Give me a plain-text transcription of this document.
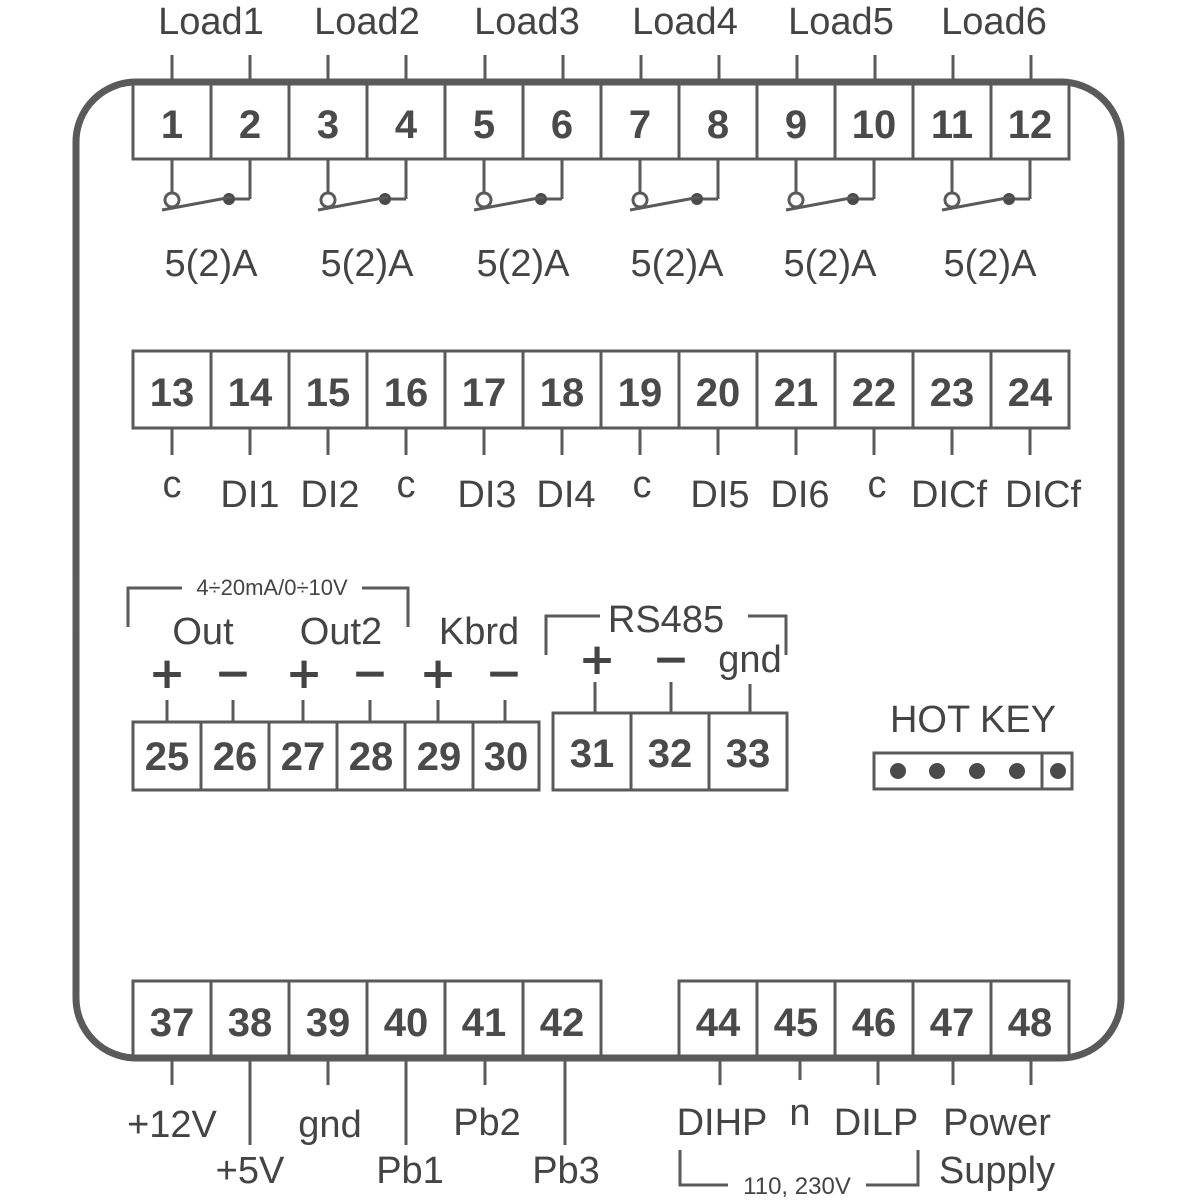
Load1 Load2 Load3 Load4 Load5 Load6
1 2 3 4 5 6 7 8 9 10 11 12
5(2)A 5(2)A 5(2)A 5(2)A 5(2)A 5(2)A
13 14 15 16 17 18 19 20 21 22 23 24
c DI1 DI2 c DI3 DI4 c DI5 DI6 c DICf DICf
4÷20mA/0÷10V
Out Out2 Kbrd
+ − + − + −
25 26 27 28 29 30
RS485
+ − gnd
31 32 33
HOT KEY
37 38 39 40 41 42
+12V
+5V
gnd
Pb1
Pb2
Pb3
44 45 46 47 48
DIHP n DILP Power
Supply
110, 230V
